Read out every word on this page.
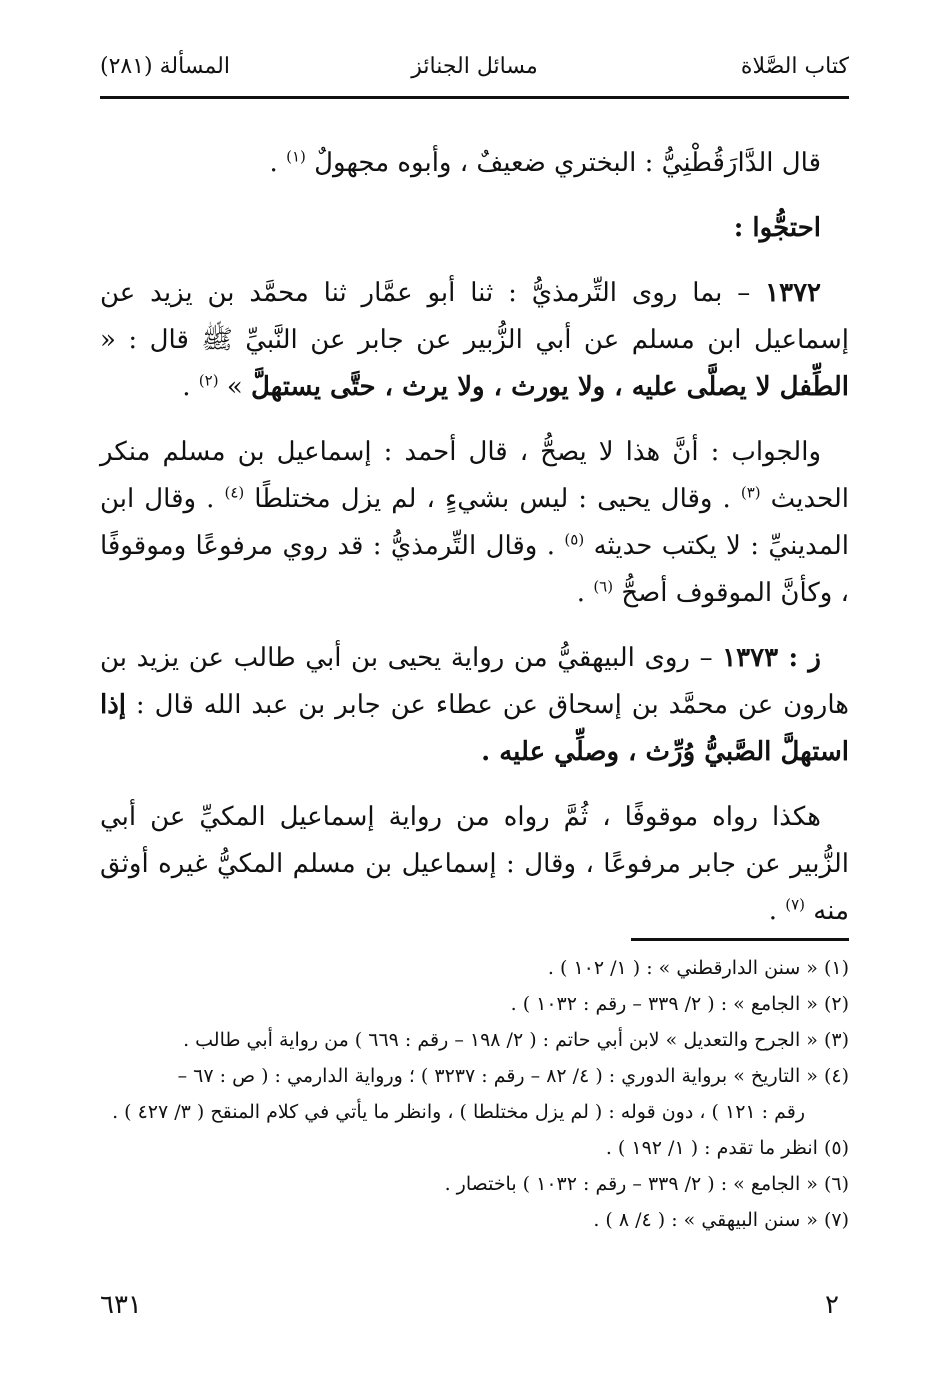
كتاب الصَّلاة
مسائل الجنائز
المسألة (٢٨١)

قال الدَّارَقُطْنِيُّ : البختري ضعيفٌ ، وأبوه مجهولٌ $^{(١)}$ .

احتجُّوا :

١٣٧٢ – بما روى التِّرمذيُّ : ثنا أبو عمَّار ثنا محمَّد بن يزيد عن إسماعيل ابن مسلم عن أبي الزُّبير عن جابر عن النَّبيِّ ﷺ قال : « الطِّفل لا يصلَّى عليه ، ولا يورث ، ولا يرث ، حتَّى يستهلَّ » $^{(٢)}$ .

والجواب : أنَّ هذا لا يصحُّ ، قال أحمد : إسماعيل بن مسلم منكر الحديث $^{(٣)}$ . وقال يحيى : ليس بشيءٍ ، لم يزل مختلطًا $^{(٤)}$ . وقال ابن المدينيِّ : لا يكتب حديثه $^{(٥)}$ . وقال التِّرمذيُّ : قد روي مرفوعًا وموقوفًا ، وكأنَّ الموقوف أصحُّ $^{(٦)}$ .

ز : ١٣٧٣ – روى البيهقيُّ من رواية يحيى بن أبي طالب عن يزيد بن هارون عن محمَّد بن إسحاق عن عطاء عن جابر بن عبد الله قال : إذا استهلَّ الصَّبيُّ وُرِّث ، وصلِّي عليه .

هكذا رواه موقوفًا ، ثُمَّ رواه من رواية إسماعيل المكيِّ عن أبي الزُّبير عن جابر مرفوعًا ، وقال : إسماعيل بن مسلم المكيُّ غيره أوثق منه $^{(٧)}$ .

(١) « سنن الدارقطني » : ( ١/ ١٠٢ ) .

(٢) « الجامع » : ( ٢/ ٣٣٩ – رقم : ١٠٣٢ ) .

(٣) « الجرح والتعديل » لابن أبي حاتم : ( ٢/ ١٩٨ – رقم : ٦٦٩ ) من رواية أبي طالب .

(٤) « التاريخ » برواية الدوري : ( ٤/ ٨٢ – رقم : ٣٢٣٧ ) ؛ ورواية الدارمي : ( ص : ٦٧ –

رقم : ١٢١ ) ، دون قوله : ( لم يزل مختلطا ) ، وانظر ما يأتي في كلام المنقح ( ٣/ ٤٢٧ ) .

(٥) انظر ما تقدم : ( ١/ ١٩٢ ) .

(٦) « الجامع » : ( ٢/ ٣٣٩ – رقم : ١٠٣٢ ) باختصار .

(٧) « سنن البيهقي » : ( ٤/ ٨ ) .

٢
٦٣١
